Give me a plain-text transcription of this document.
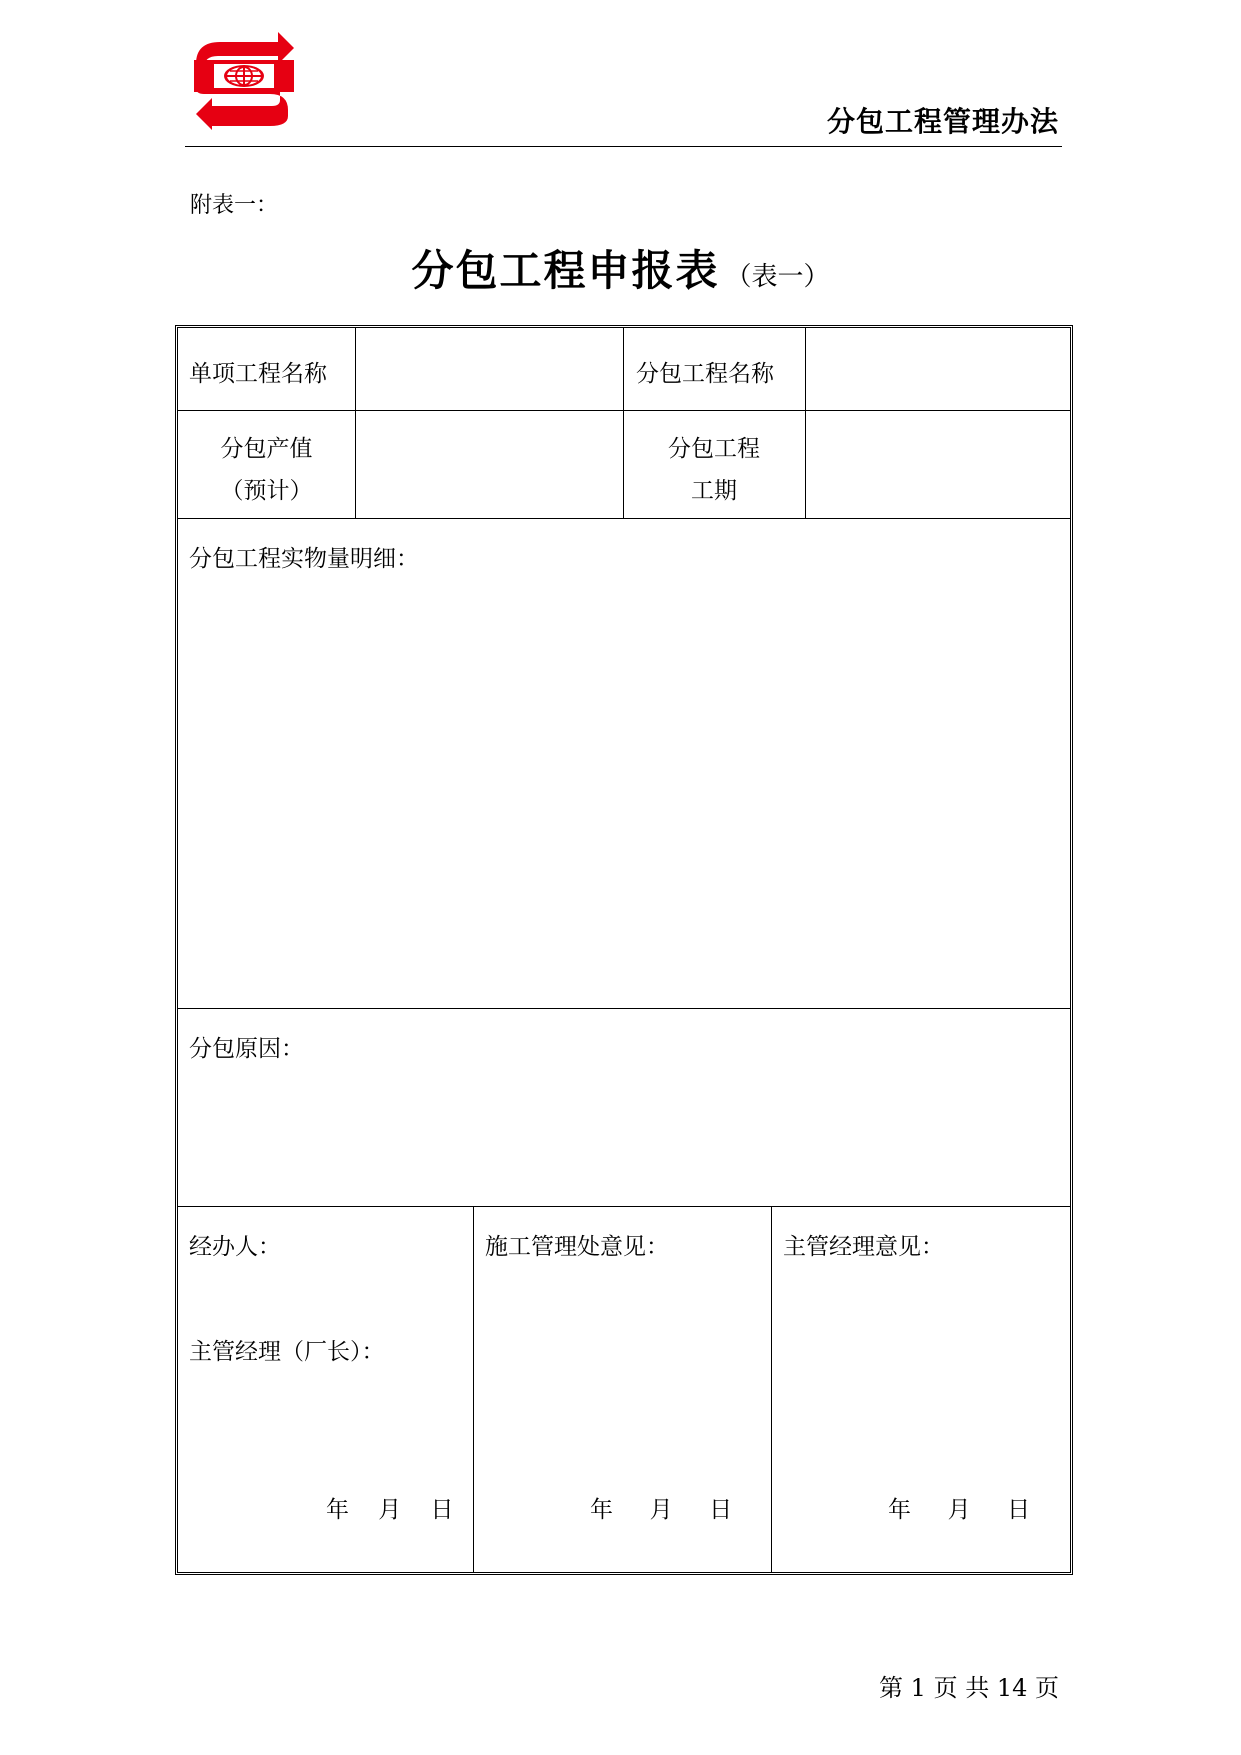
分包工程管理办法
附表一：
分包工程申报表 （表一）
单项工程名称	分包工程名称
分包产值
（预计）
分包工程
工期
分包工程实物量明细：
分包原因：
经办人：
主管经理（厂长）：
年 月 日
施工管理处意见：
年 月 日
主管经理意见：
年 月 日
第 1 页 共 14 页
